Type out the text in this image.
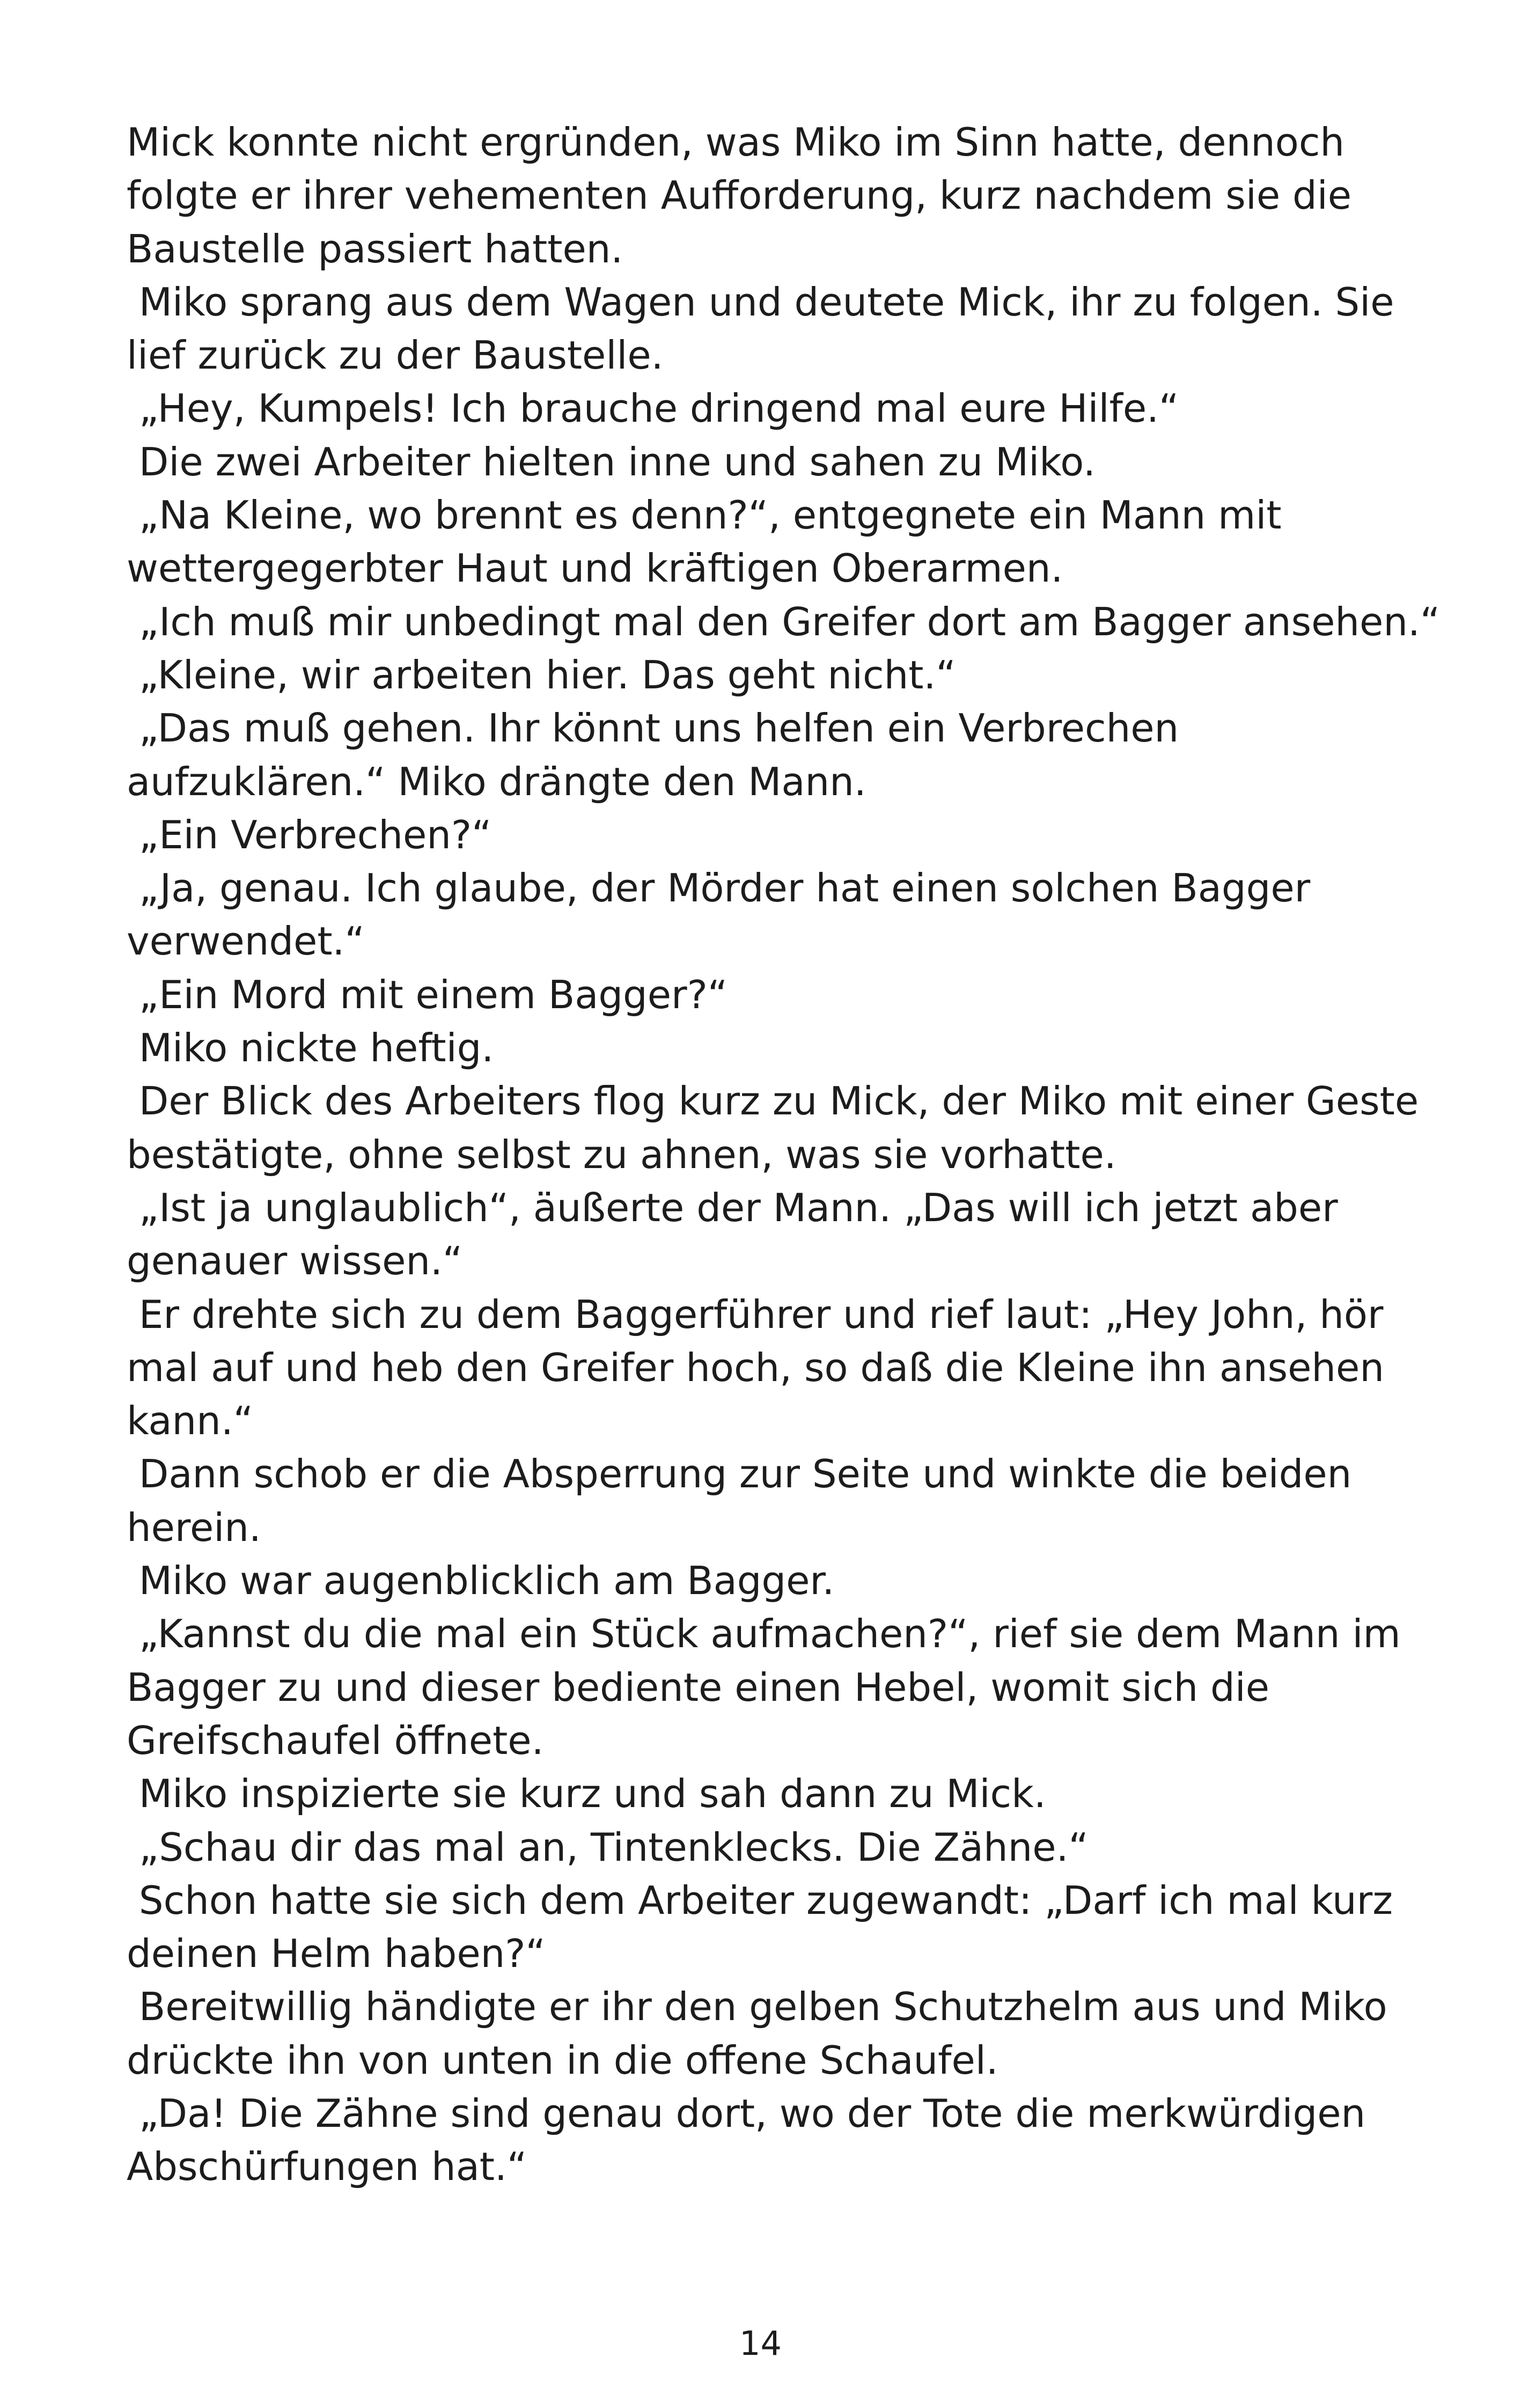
Mick konnte nicht ergründen, was Miko im Sinn hatte, dennoch
folgte er ihrer vehementen Aufforderung, kurz nachdem sie die
Baustelle passiert hatten.
Miko sprang aus dem Wagen und deutete Mick, ihr zu folgen. Sie
lief zurück zu der Baustelle.
„Hey, Kumpels! Ich brauche dringend mal eure Hilfe.“
Die zwei Arbeiter hielten inne und sahen zu Miko.
„Na Kleine, wo brennt es denn?“, entgegnete ein Mann mit
wettergegerbter Haut und kräftigen Oberarmen.
„Ich muß mir unbedingt mal den Greifer dort am Bagger ansehen.“
„Kleine, wir arbeiten hier. Das geht nicht.“
„Das muß gehen. Ihr könnt uns helfen ein Verbrechen
aufzuklären.“ Miko drängte den Mann.
„Ein Verbrechen?“
„Ja, genau. Ich glaube, der Mörder hat einen solchen Bagger
verwendet.“
„Ein Mord mit einem Bagger?“
Miko nickte heftig.
Der Blick des Arbeiters flog kurz zu Mick, der Miko mit einer Geste
bestätigte, ohne selbst zu ahnen, was sie vorhatte.
„Ist ja unglaublich“, äußerte der Mann. „Das will ich jetzt aber
genauer wissen.“
Er drehte sich zu dem Baggerführer und rief laut: „Hey John, hör
mal auf und heb den Greifer hoch, so daß die Kleine ihn ansehen
kann.“
Dann schob er die Absperrung zur Seite und winkte die beiden
herein.
Miko war augenblicklich am Bagger.
„Kannst du die mal ein Stück aufmachen?“, rief sie dem Mann im
Bagger zu und dieser bediente einen Hebel, womit sich die
Greifschaufel öffnete.
Miko inspizierte sie kurz und sah dann zu Mick.
„Schau dir das mal an, Tintenklecks. Die Zähne.“
Schon hatte sie sich dem Arbeiter zugewandt: „Darf ich mal kurz
deinen Helm haben?“
Bereitwillig händigte er ihr den gelben Schutzhelm aus und Miko
drückte ihn von unten in die offene Schaufel.
„Da! Die Zähne sind genau dort, wo der Tote die merkwürdigen
Abschürfungen hat.“

14
